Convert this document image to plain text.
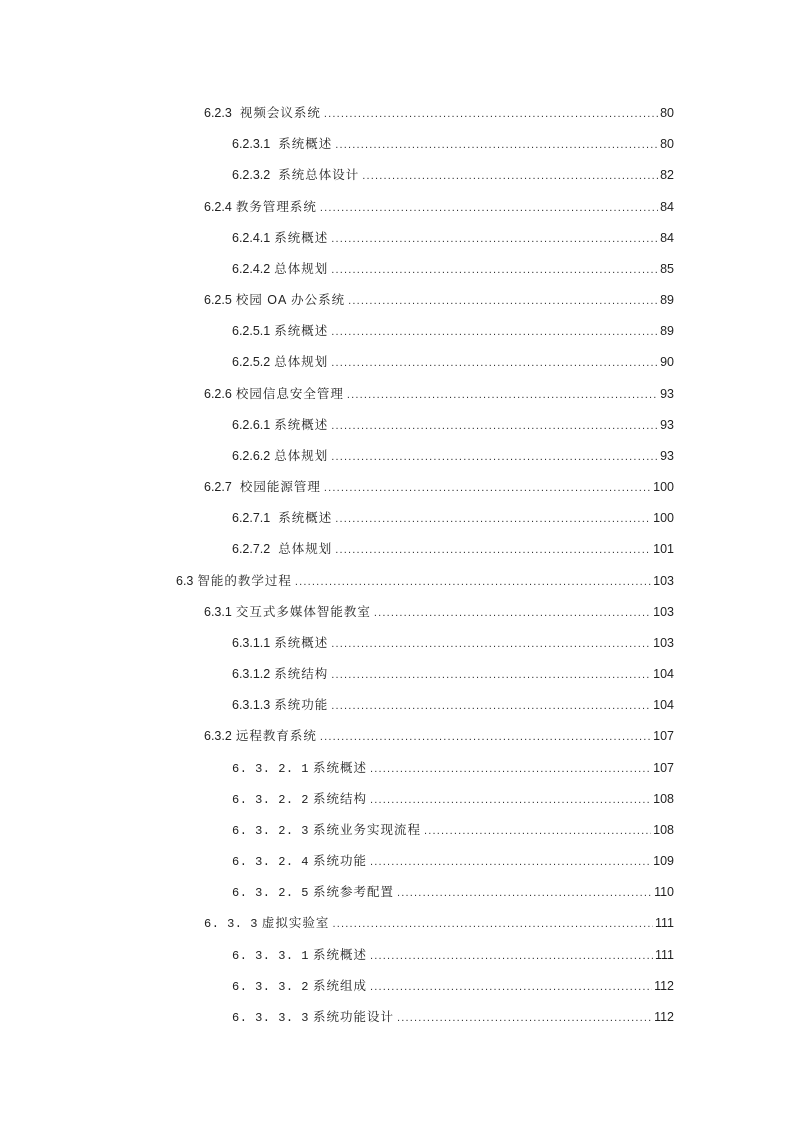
6.2.3 视频会议系统 .....	80
6.2.3.1 系统概述 .....	80
6.2.3.2 系统总体设计 .....	82
6.2.4 教务管理系统 .....	84
6.2.4.1 系统概述 .....	84
6.2.4.2 总体规划 .....	85
6.2.5 校园 OA 办公系统 .....	89
6.2.5.1 系统概述 .....	89
6.2.5.2 总体规划 .....	90
6.2.6 校园信息安全管理 .....	93
6.2.6.1 系统概述 .....	93
6.2.6.2 总体规划 .....	93
6.2.7 校园能源管理 .....	100
6.2.7.1 系统概述 .....	100
6.2.7.2 总体规划 .....	101
6.3 智能的教学过程 .....	103
6.3.1 交互式多媒体智能教室 .....	103
6.3.1.1 系统概述 .....	103
6.3.1.2 系统结构 .....	104
6.3.1.3 系统功能 .....	104
6.3.2 远程教育系统 .....	107
6. 3. 2. 1 系统概述 .....	107
6. 3. 2. 2 系统结构 .....	108
6. 3. 2. 3 系统业务实现流程 .....	108
6. 3. 2. 4 系统功能 .....	109
6. 3. 2. 5 系统参考配置 .....	110
6. 3. 3 虚拟实验室 .....	111
6. 3. 3. 1 系统概述 .....	111
6. 3. 3. 2 系统组成 .....	112
6. 3. 3. 3 系统功能设计 .....	112
